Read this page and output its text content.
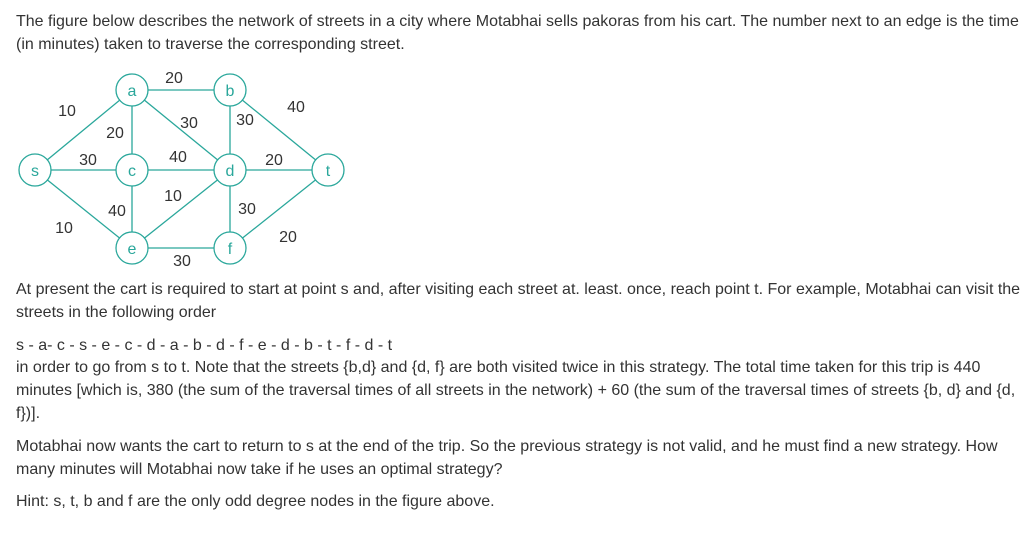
The figure below describes the network of streets in a city where Motabhai sells pakoras from his cart. The number next to an edge is the time (in minutes) taken to traverse the corresponding street.

s
a
c
e
b
d
f
t
10
30
10
20
20
30
40
40
10
30
30
30
40
20
20

At present the cart is required to start at point s and, after visiting each street at. least. once, reach point t. For example, Motabhai can visit the streets in the following order

s - a- c - s - e - c - d - a - b - d - f - e - d - b - t - f - d - t

in order to go from s to t. Note that the streets {b,d} and {d, f} are both visited twice in this strategy. The total time taken for this trip is 440 minutes [which is, 380 (the sum of the traversal times of all streets in the network) + 60 (the sum of the traversal times of streets {b, d} and {d, f})].

Motabhai now wants the cart to return to s at the end of the trip. So the previous strategy is not valid, and he must find a new strategy. How many minutes will Motabhai now take if he uses an optimal strategy?

Hint: s, t, b and f are the only odd degree nodes in the figure above.
